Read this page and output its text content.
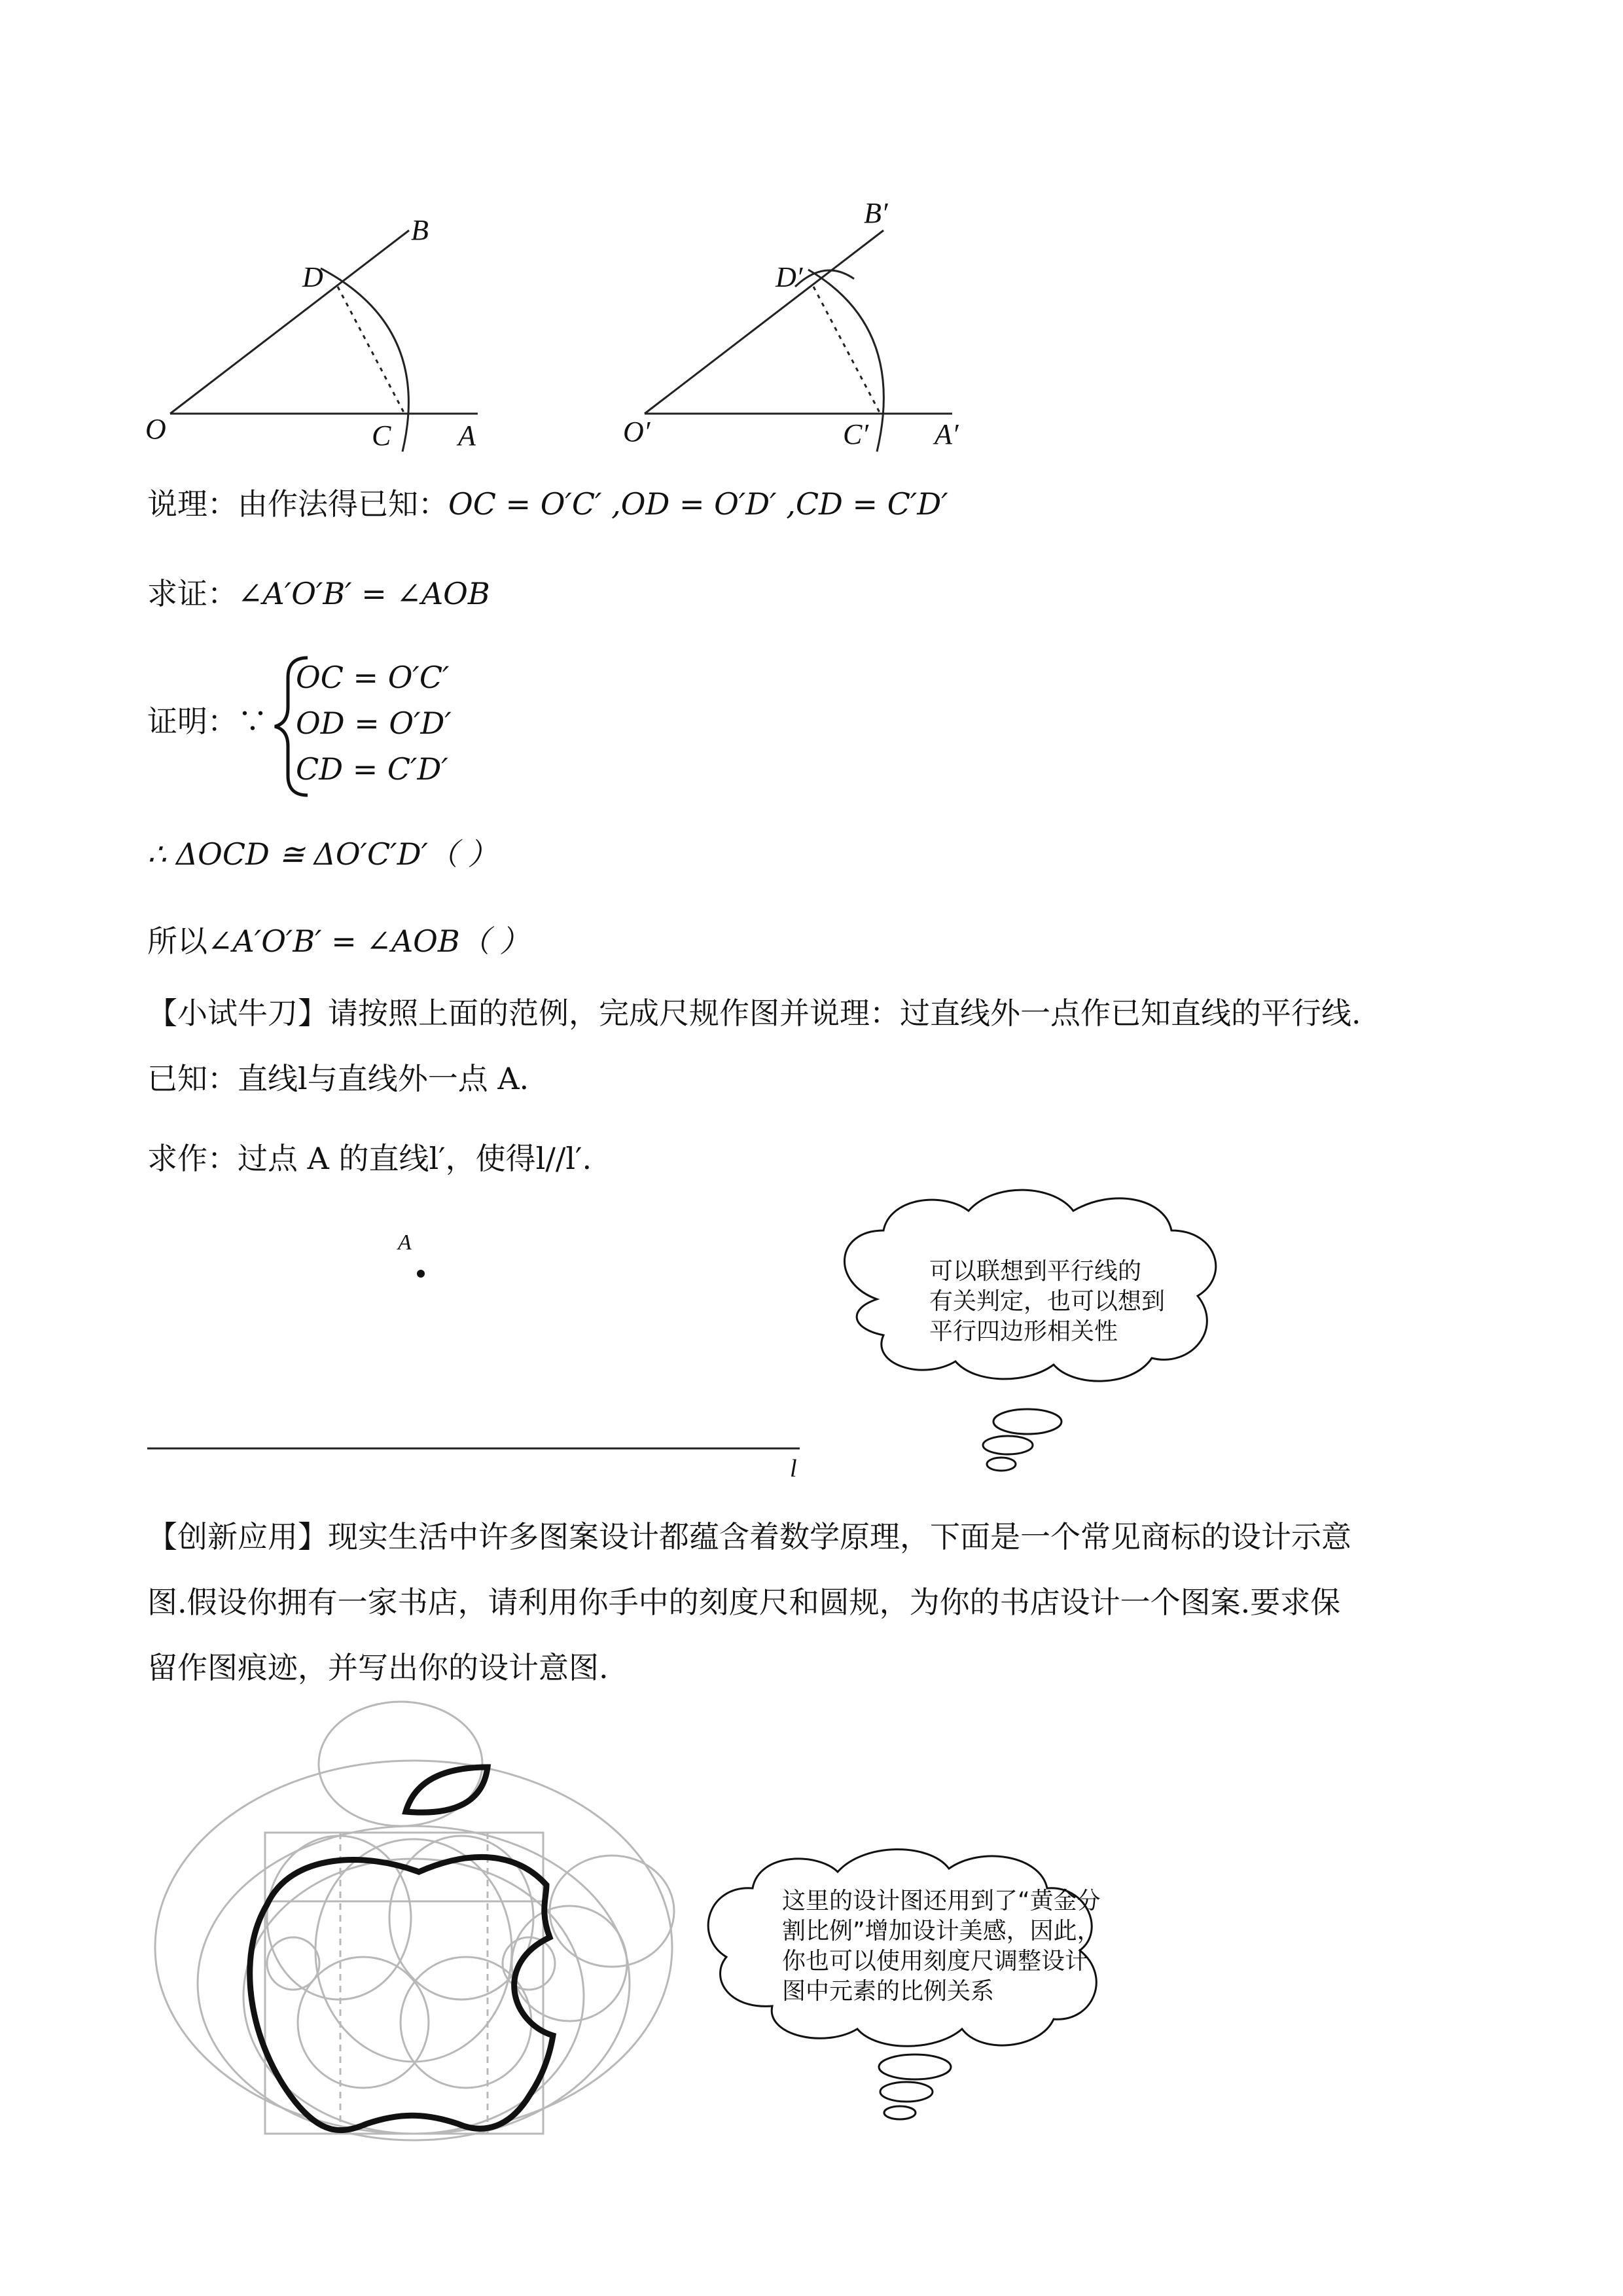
O	C A
D
B
O′	C′ A′
D′
B′
说理：由作法得已知：OC = O′C′ ,OD = O′D′ ,CD = C′D′
求证：∠A′O′B′ = ∠AOB
证明：∵
OC = O′C′
OD = O′D′
CD = C′D′
∴ ΔOCD ≅ ΔO′C′D′（ ）
所以∠A′O′B′ = ∠AOB（ ）
【小试牛刀】请按照上面的范例，完成尺规作图并说理：过直线外一点作已知直线的平行线.
已知：直线l与直线外一点 A.
求作：过点 A 的直线l′，使得l//l′.
A
l
可以联想到平行线的
有关判定，也可以想到
平行四边形相关性
【创新应用】现实生活中许多图案设计都蕴含着数学原理，下面是一个常见商标的设计示意
图.假设你拥有一家书店，请利用你手中的刻度尺和圆规，为你的书店设计一个图案.要求保
留作图痕迹，并写出你的设计意图.
这里的设计图还用到了“黄金分
割比例”增加设计美感，因此，
你也可以使用刻度尺调整设计
图中元素的比例关系
